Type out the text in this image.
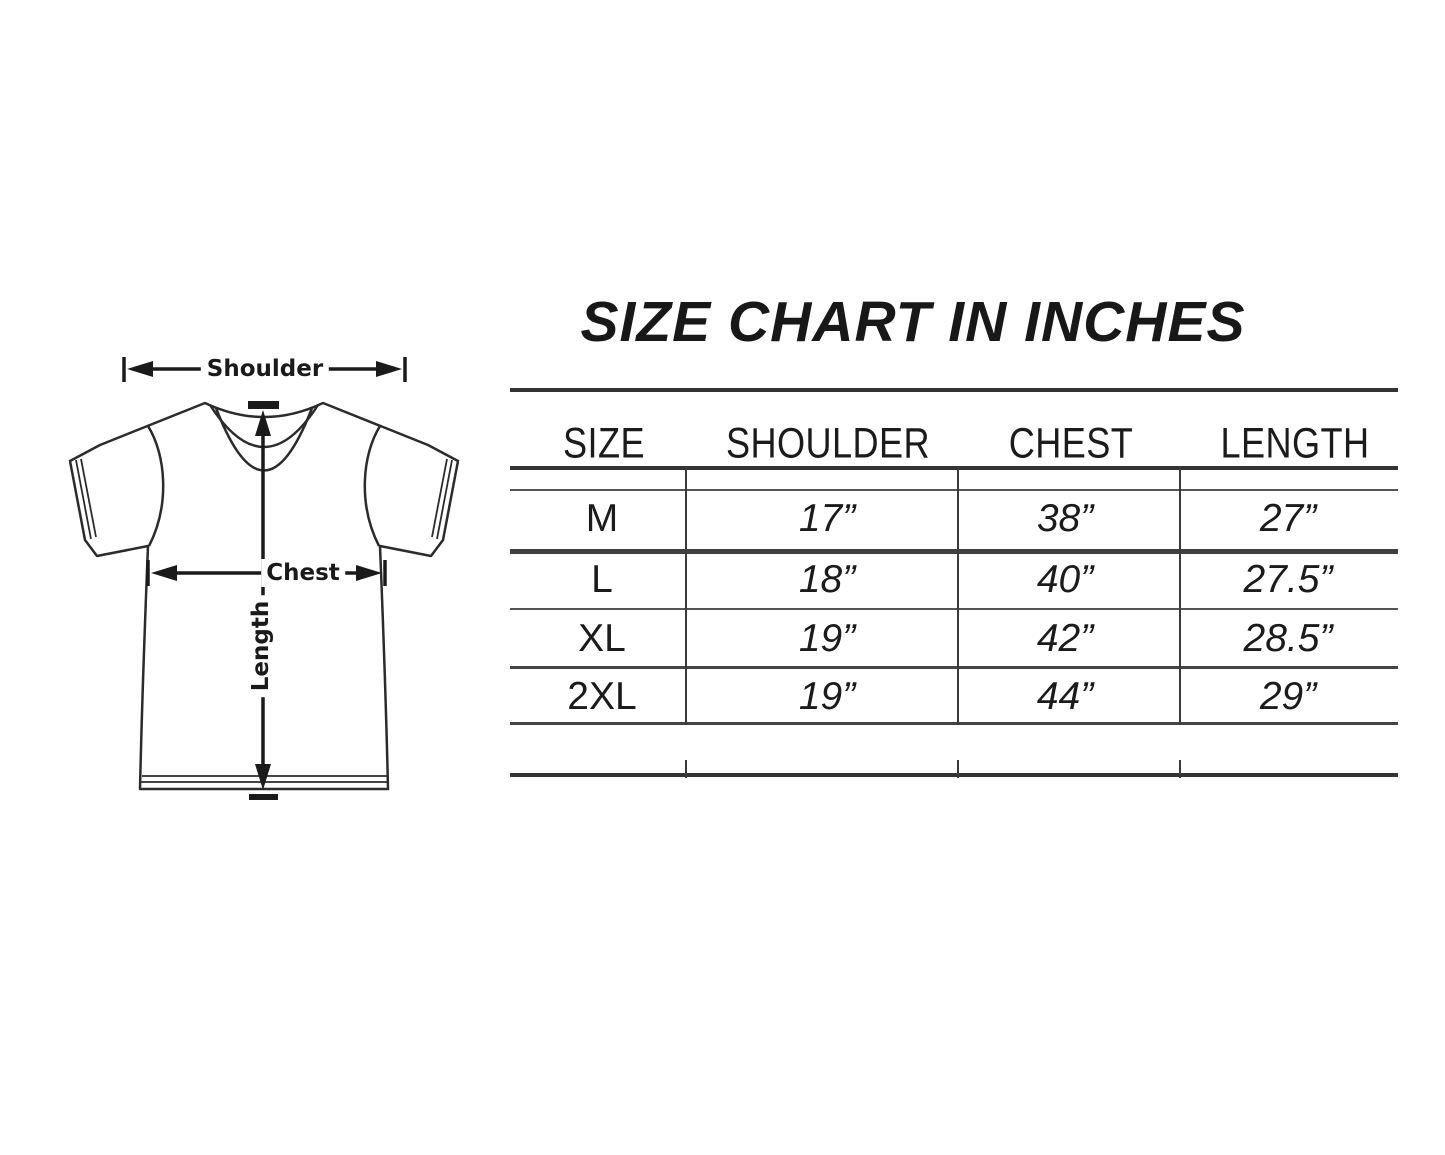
Shoulder
Chest
Length
SIZE CHART IN INCHES
SIZE SHOULDER CHEST LENGTH
M	17”	38”	27”
L	18”	40”	27.5”
XL	19”	42”	28.5”
2XL	19”	44”	29”
